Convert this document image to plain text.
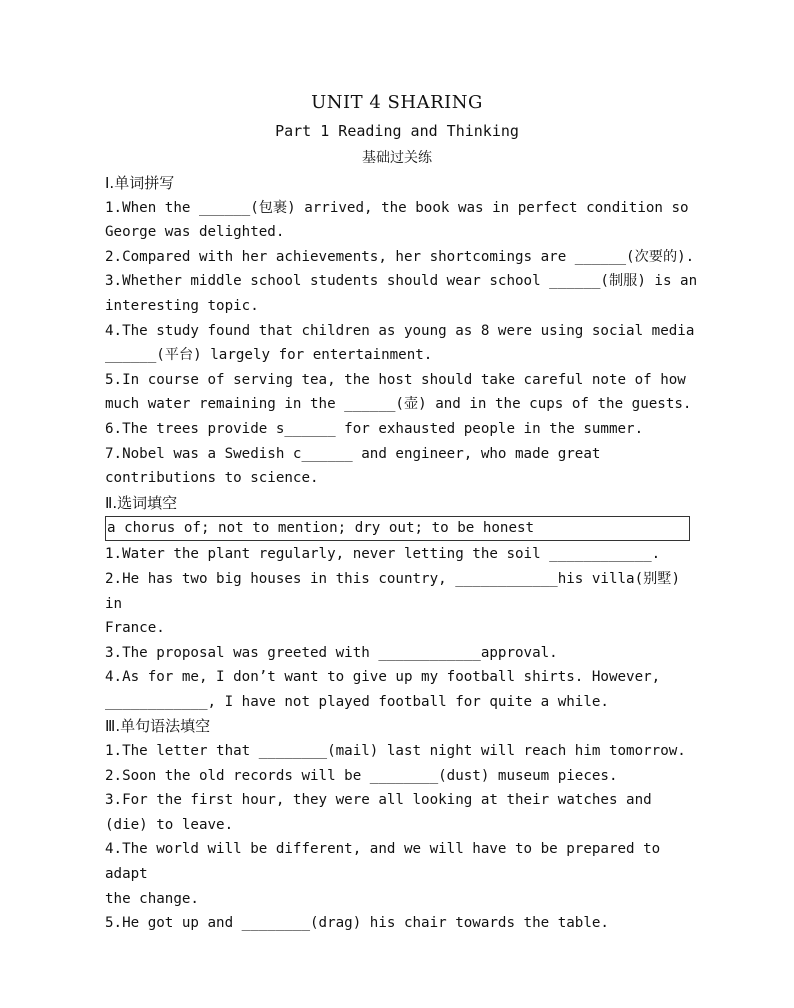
UNIT 4 SHARING
Part 1 Reading and Thinking
基础过关练
Ⅰ.单词拼写
1.When the ______(包裹) arrived, the book was in perfect condition so
George was delighted.
2.Compared with her achievements, her shortcomings are ______(次要的).
3.Whether middle school students should wear school ______(制服) is an
interesting topic.
4.The study found that children as young as 8 were using social media
______(平台) largely for entertainment.
5.In course of serving tea, the host should take careful note of how
much water remaining in the ______(壶) and in the cups of the guests.
6.The trees provide s______ for exhausted people in the summer.
7.Nobel was a Swedish c______ and engineer, who made great
contributions to science.
Ⅱ.选词填空
a chorus of; not to mention; dry out; to be honest
1.Water the plant regularly, never letting the soil ____________.
2.He has two big houses in this country, ____________his villa(别墅) in
France.
3.The proposal was greeted with ____________approval.
4.As for me, I don’t want to give up my football shirts. However,
____________, I have not played football for quite a while.
Ⅲ.单句语法填空
1.The letter that ________(mail) last night will reach him tomorrow.
2.Soon the old records will be ________(dust) museum pieces.
3.For the first hour, they were all looking at their watches and
(die) to leave.
4.The world will be different, and we will have to be prepared to adapt
the change.
5.He got up and ________(drag) his chair towards the table.
